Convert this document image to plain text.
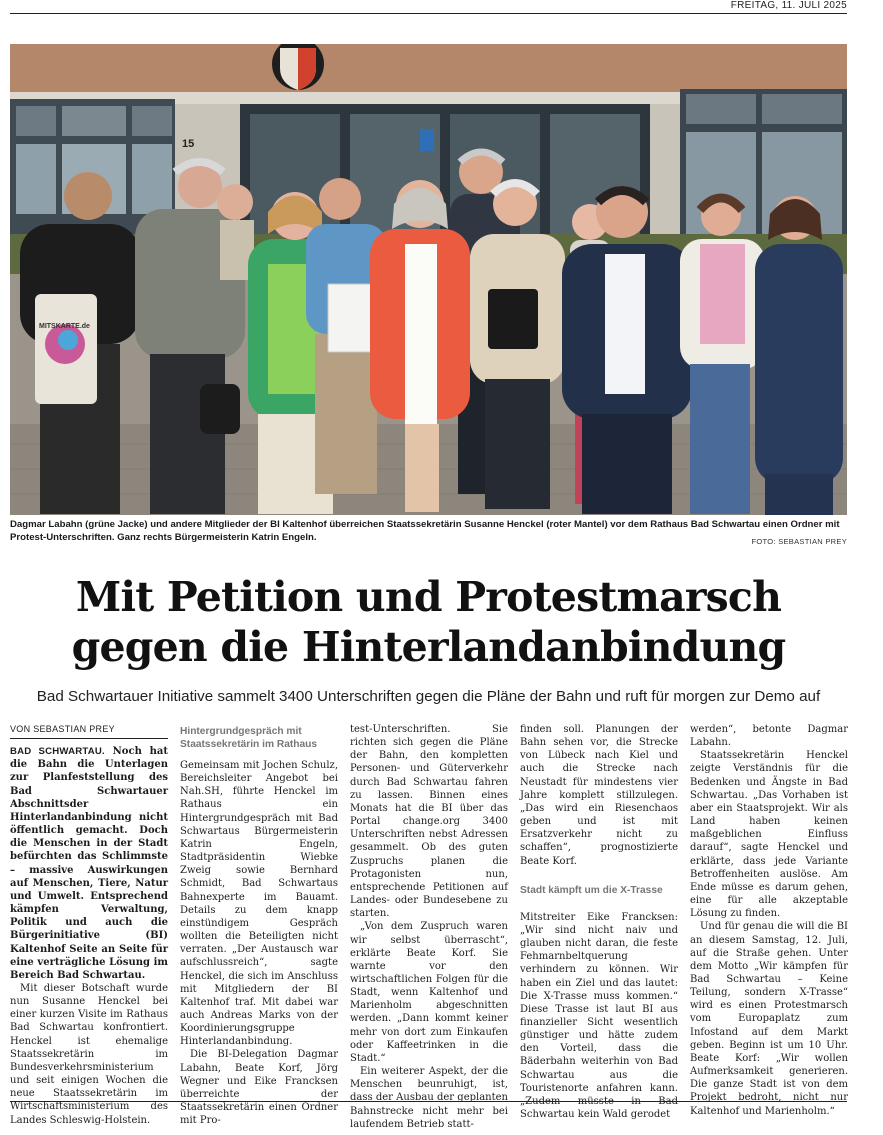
FREITAG, 11. JULI 2025
15
MITSKARTE.de
Dagmar Labahn (grüne Jacke) und andere Mitglieder der BI Kaltenhof überreichen Staatssekretärin Susanne Henckel (roter Mantel) vor dem Rathaus Bad Schwartau einen Ordner mit Protest-Unterschriften. Ganz rechts Bürgermeisterin Katrin Engeln.	FOTO: SEBASTIAN PREY
Mit Petition und Protestmarsch
gegen die Hinterlandanbindung
Bad Schwartauer Initiative sammelt 3400 Unterschriften gegen die Pläne der Bahn und ruft für morgen zur Demo auf
VON SEBASTIAN PREY

BAD SCHWARTAU. Noch hat die Bahn die Unterlagen zur Planfeststellung des Bad Schwartauer Abschnittsder Hinterlandanbindung nicht öffentlich gemacht. Doch die Menschen in der Stadt befürchten das Schlimmste – massive Auswirkungen auf Menschen, Tiere, Natur und Umwelt. Entsprechend kämpfen Verwaltung, Politik und auch die Bürgerinitiative (BI) Kaltenhof Seite an Seite für eine verträgliche Lösung im Bereich Bad Schwartau.

Mit dieser Botschaft wurde nun Susanne Henckel bei einer kurzen Visite im Rathaus Bad Schwartau konfrontiert. Henckel ist ehemalige Staatssekretärin im Bundesverkehrsministerium und seit einigen Wochen die neue Staatssekretärin im Wirtschaftsministerium des Landes Schleswig-Holstein.

Hintergrundgespräch mit Staatssekretärin im Rathaus

Gemeinsam mit Jochen Schulz, Bereichsleiter Angebot bei Nah.SH, führte Henckel im Rathaus ein Hintergrundgespräch mit Bad Schwartaus Bürgermeisterin Katrin Engeln, Stadtpräsidentin Wiebke Zweig sowie Bernhard Schmidt, Bad Schwartaus Bahnexperte im Bauamt. Details zu dem knapp einstündigem Gespräch wollten die Beteiligten nicht verraten. „Der Austausch war aufschlussreich“, sagte Henckel, die sich im Anschluss mit Mitgliedern der BI Kaltenhof traf. Mit dabei war auch Andreas Marks von der Koordinierungsgruppe Hinterlandanbindung.

Die BI-Delegation Dagmar Labahn, Beate Korf, Jörg Wegner und Eike Francksen überreichte der Staatssekretärin einen Ordner mit Pro-

test-Unterschriften. Sie richten sich gegen die Pläne der Bahn, den kompletten Personen- und Güterverkehr durch Bad Schwartau fahren zu lassen. Binnen eines Monats hat die BI über das Portal change.org 3400 Unterschriften nebst Adressen gesammelt. Ob des guten Zuspruchs planen die Protagonisten nun, entsprechende Petitionen auf Landes- oder Bundesebene zu starten.

„Von dem Zuspruch waren wir selbst überrascht“, erklärte Beate Korf. Sie warnte vor den wirtschaftlichen Folgen für die Stadt, wenn Kaltenhof und Marienholm abgeschnitten werden. „Dann kommt keiner mehr von dort zum Einkaufen oder Kaffeetrinken in die Stadt.“

Ein weiterer Aspekt, der die Menschen beunruhigt, ist, dass der Ausbau der geplanten Bahnstrecke nicht mehr bei laufendem Betrieb statt-

finden soll. Planungen der Bahn sehen vor, die Strecke von Lübeck nach Kiel und auch die Strecke nach Neustadt für mindestens vier Jahre komplett stillzulegen. „Das wird ein Riesenchaos geben und ist mit Ersatzverkehr nicht zu schaffen“, prognostizierte Beate Korf.

Stadt kämpft um die X-Trasse

Mitstreiter Eike Francksen: „Wir sind nicht naiv und glauben nicht daran, die feste Fehmarnbeltquerung verhindern zu können. Wir haben ein Ziel und das lautet: Die X-Trasse muss kommen.“ Diese Trasse ist laut BI aus finanzieller Sicht wesentlich günstiger und hätte zudem den Vorteil, dass die Bäderbahn weiterhin von Bad Schwartau aus die Touristenorte anfahren kann. „Zudem müsste in Bad Schwartau kein Wald gerodet

werden“, betonte Dagmar Labahn.

Staatssekretärin Henckel zeigte Verständnis für die Bedenken und Ängste in Bad Schwartau. „Das Vorhaben ist aber ein Staatsprojekt. Wir als Land haben keinen maßgeblichen Einfluss darauf“, sagte Henckel und erklärte, dass jede Variante Betroffenheiten auslöse. Am Ende müsse es darum gehen, eine für alle akzeptable Lösung zu finden.

Und für genau die will die BI an diesem Samstag, 12. Juli, auf die Straße gehen. Unter dem Motto „Wir kämpfen für Bad Schwartau – Keine Teilung, sondern X-Trasse“ wird es einen Protestmarsch vom Europaplatz zum Infostand auf dem Markt geben. Beginn ist um 10 Uhr. Beate Korf: „Wir wollen Aufmerksamkeit generieren. Die ganze Stadt ist von dem Projekt bedroht, nicht nur Kaltenhof und Marienholm.“
